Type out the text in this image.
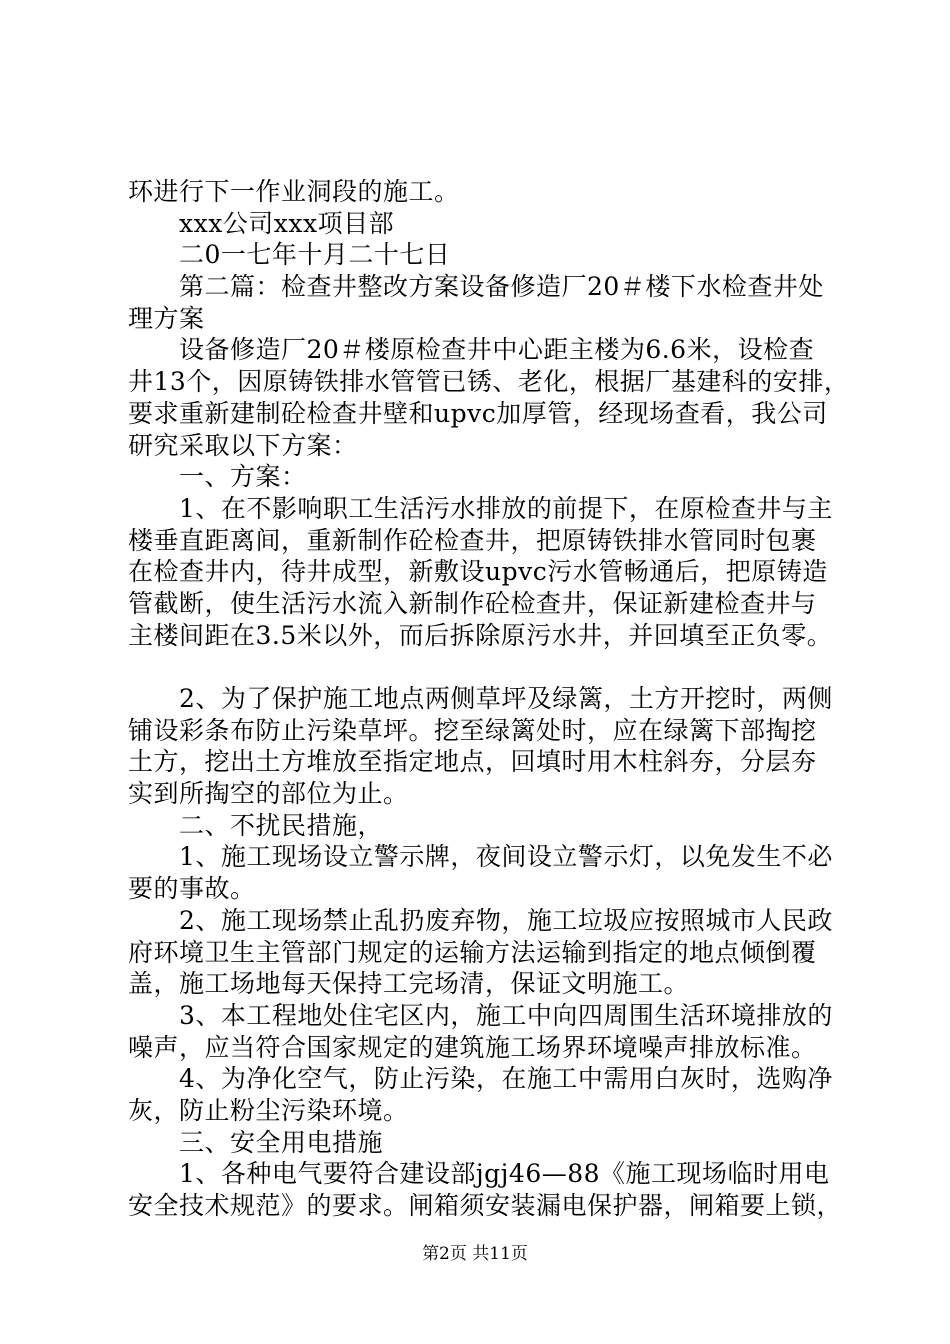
环进行下一作业洞段的施工。
xxx公司xxx项目部
二0一七年十月二十七日
第二篇：检查井整改方案设备修造厂20＃楼下水检查井处
理方案
设备修造厂20＃楼原检查井中心距主楼为6.6米，设检查
井13个，因原铸铁排水管管已锈、老化，根据厂基建科的安排，
要求重新建制砼检查井壁和upvc加厚管，经现场查看，我公司
研究采取以下方案：
一、方案：
1、在不影响职工生活污水排放的前提下，在原检查井与主
楼垂直距离间，重新制作砼检查井，把原铸铁排水管同时包裹
在检查井内，待井成型，新敷设upvc污水管畅通后，把原铸造
管截断，使生活污水流入新制作砼检查井，保证新建检查井与
主楼间距在3.5米以外，而后拆除原污水井，并回填至正负零。
2、为了保护施工地点两侧草坪及绿篱，土方开挖时，两侧
铺设彩条布防止污染草坪。挖至绿篱处时，应在绿篱下部掏挖
土方，挖出土方堆放至指定地点，回填时用木柱斜夯，分层夯
实到所掏空的部位为止。
二、不扰民措施，
1、施工现场设立警示牌，夜间设立警示灯，以免发生不必
要的事故。
2、施工现场禁止乱扔废弃物，施工垃圾应按照城市人民政
府环境卫生主管部门规定的运输方法运输到指定的地点倾倒覆
盖，施工场地每天保持工完场清，保证文明施工。
3、本工程地处住宅区内，施工中向四周围生活环境排放的
噪声，应当符合国家规定的建筑施工场界环境噪声排放标准。
4、为净化空气，防止污染，在施工中需用白灰时，选购净
灰，防止粉尘污染环境。
三、安全用电措施
1、各种电气要符合建设部jgj46—88《施工现场临时用电
安全技术规范》的要求。闸箱须安装漏电保护器，闸箱要上锁，
第2页 共11页
